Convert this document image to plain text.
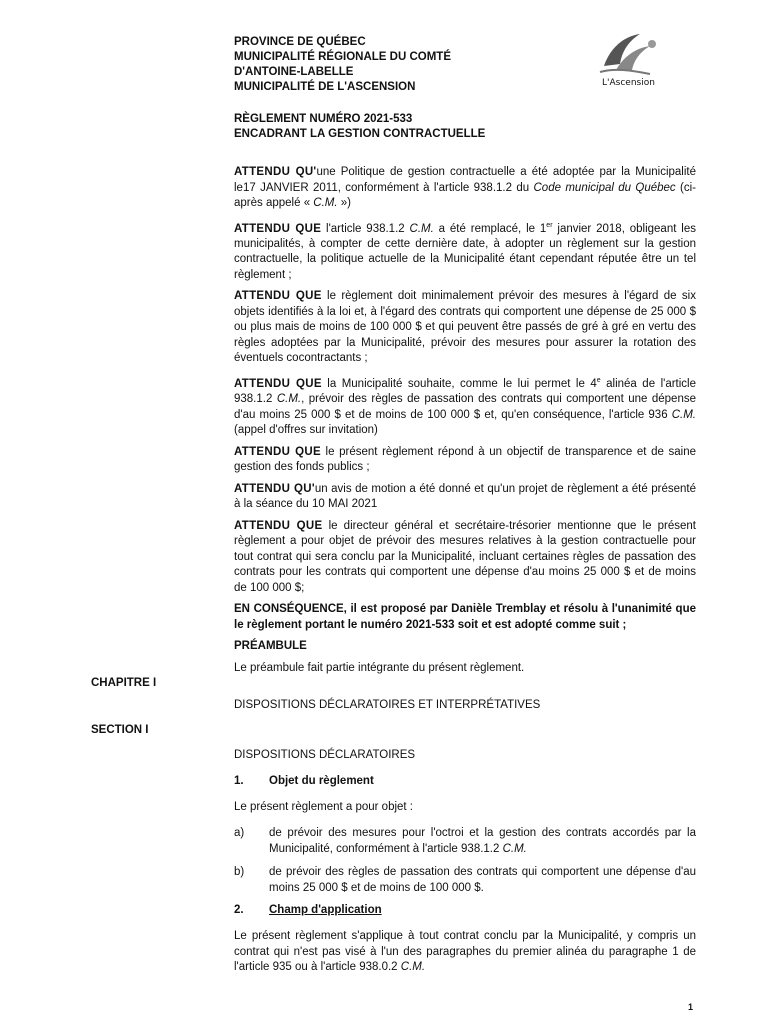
PROVINCE DE QUÉBEC
MUNICIPALITÉ RÉGIONALE DU COMTÉ
D'ANTOINE-LABELLE
MUNICIPALITÉ DE L'ASCENSION	L'Ascension
RÈGLEMENT NUMÉRO 2021-533
ENCADRANT LA GESTION CONTRACTUELLE

ATTENDU QU'une Politique de gestion contractuelle a été adoptée par la Municipalité le17 JANVIER 2011, conformément à l'article 938.1.2 du Code municipal du Québec (ci-après appelé « C.M. »)

ATTENDU QUE l'article 938.1.2 C.M. a été remplacé, le 1er janvier 2018, obligeant les municipalités, à compter de cette dernière date, à adopter un règlement sur la gestion contractuelle, la politique actuelle de la Municipalité étant cependant réputée être un tel règlement ;

ATTENDU QUE le règlement doit minimalement prévoir des mesures à l'égard de six objets identifiés à la loi et, à l'égard des contrats qui comportent une dépense de 25 000 $ ou plus mais de moins de 100 000 $ et qui peuvent être passés de gré à gré en vertu des règles adoptées par la Municipalité, prévoir des mesures pour assurer la rotation des éventuels cocontractants ;

ATTENDU QUE la Municipalité souhaite, comme le lui permet le 4e alinéa de l'article 938.1.2 C.M., prévoir des règles de passation des contrats qui comportent une dépense d'au moins 25 000 $ et de moins de 100 000 $ et, qu'en conséquence, l'article 936 C.M. (appel d'offres sur invitation)

ATTENDU QUE le présent règlement répond à un objectif de transparence et de saine gestion des fonds publics ;

ATTENDU QU'un avis de motion a été donné et qu'un projet de règlement a été présenté à la séance du 10 MAI 2021

ATTENDU QUE le directeur général et secrétaire-trésorier mentionne que le présent règlement a pour objet de prévoir des mesures relatives à la gestion contractuelle pour tout contrat qui sera conclu par la Municipalité, incluant certaines règles de passation des contrats pour les contrats qui comportent une dépense d'au moins 25 000 $ et de moins de 100 000 $;

EN CONSÉQUENCE, il est proposé par Danièle Tremblay et résolu à l'unanimité que le règlement portant le numéro 2021-533 soit et est adopté comme suit ;

PRÉAMBULE

Le préambule fait partie intégrante du présent règlement.

CHAPITRE I
DISPOSITIONS DÉCLARATOIRES ET INTERPRÉTATIVES
SECTION I
DISPOSITIONS DÉCLARATOIRES
1. Objet du règlement
Le présent règlement a pour objet :
a) de prévoir des mesures pour l'octroi et la gestion des contrats accordés par la Municipalité, conformément à l'article 938.1.2 C.M.
b) de prévoir des règles de passation des contrats qui comportent une dépense d'au moins 25 000 $ et de moins de 100 000 $.
2. Champ d'application
Le présent règlement s'applique à tout contrat conclu par la Municipalité, y compris un contrat qui n'est pas visé à l'un des paragraphes du premier alinéa du paragraphe 1 de l'article 935 ou à l'article 938.0.2 C.M.
1
